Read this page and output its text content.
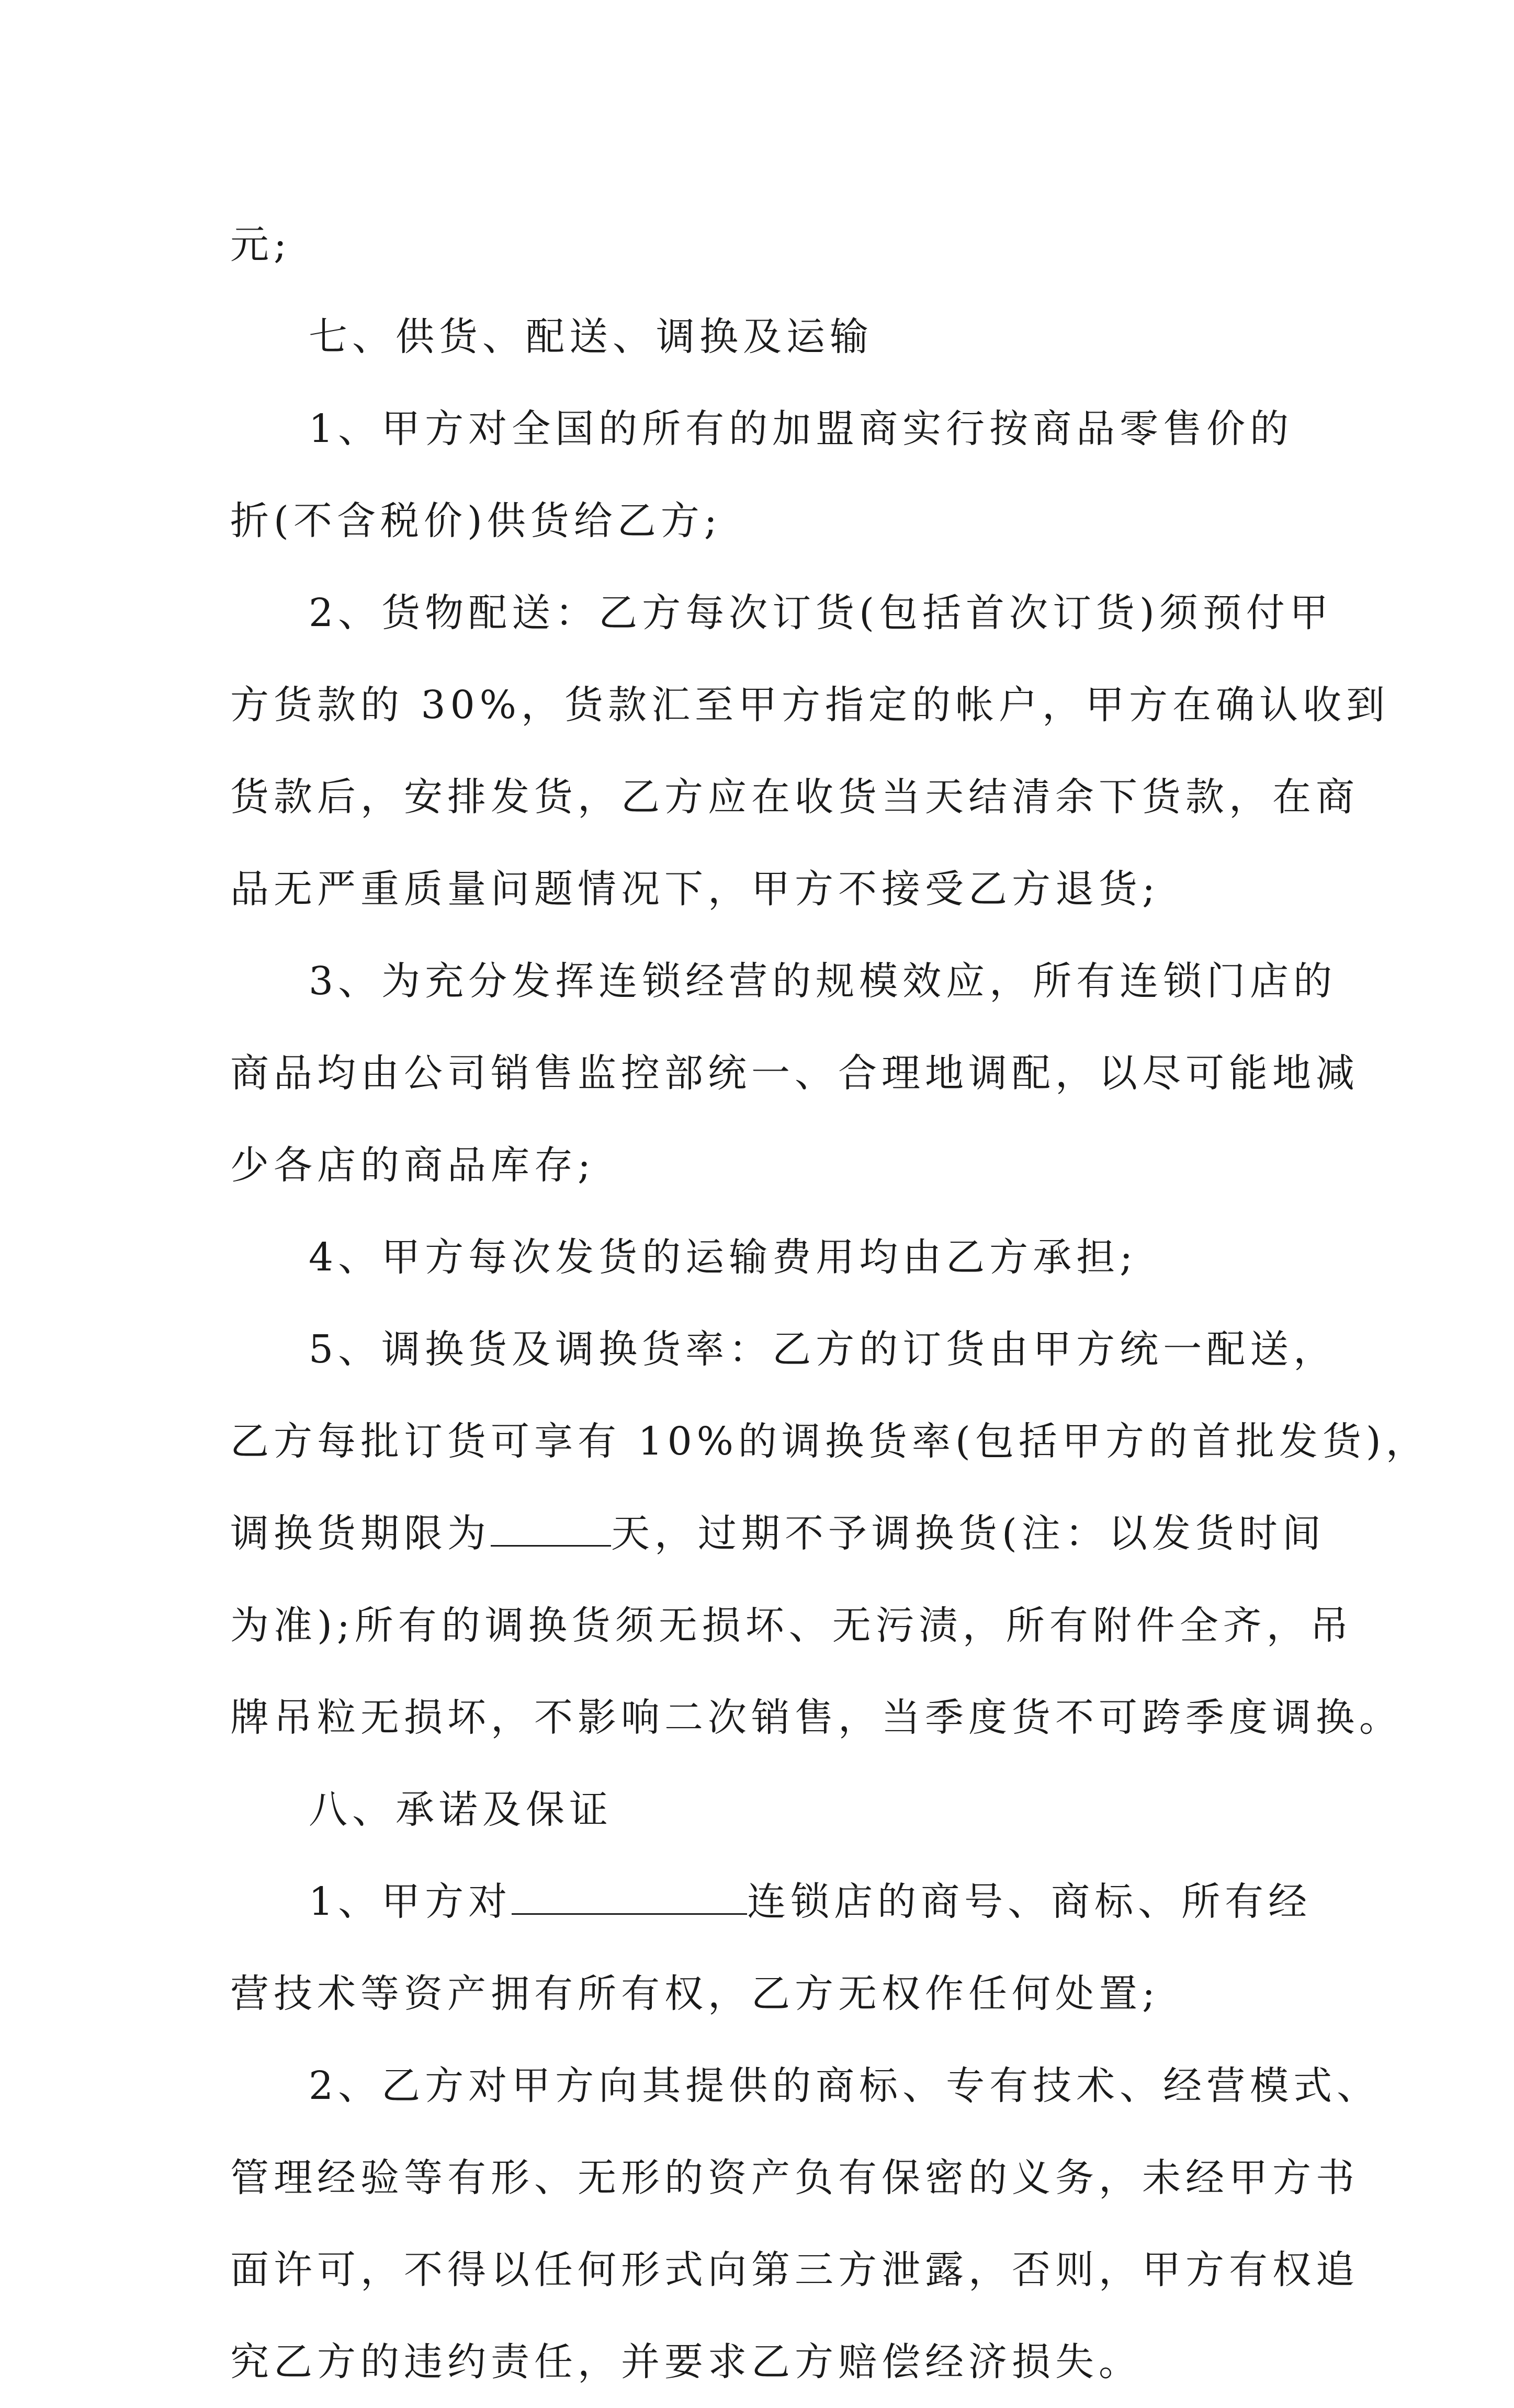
元;
七、供货、配送、调换及运输
1、甲方对全国的所有的加盟商实行按商品零售价的
折(不含税价)供货给乙方;
2、货物配送：乙方每次订货(包括首次订货)须预付甲
方货款的 30%，货款汇至甲方指定的帐户，甲方在确认收到
货款后，安排发货，乙方应在收货当天结清余下货款，在商
品无严重质量问题情况下，甲方不接受乙方退货;
3、为充分发挥连锁经营的规模效应，所有连锁门店的
商品均由公司销售监控部统一、合理地调配，以尽可能地减
少各店的商品库存;
4、甲方每次发货的运输费用均由乙方承担;
5、调换货及调换货率：乙方的订货由甲方统一配送，
乙方每批订货可享有 10%的调换货率(包括甲方的首批发货)，
调换货期限为	天，过期不予调换货(注：以发货时间
为准);所有的调换货须无损坏、无污渍，所有附件全齐，吊
牌吊粒无损坏，不影响二次销售，当季度货不可跨季度调换。
八、承诺及保证
1、甲方对	连锁店的商号、商标、所有经
营技术等资产拥有所有权，乙方无权作任何处置;
2、乙方对甲方向其提供的商标、专有技术、经营模式、
管理经验等有形、无形的资产负有保密的义务，未经甲方书
面许可，不得以任何形式向第三方泄露，否则，甲方有权追
究乙方的违约责任，并要求乙方赔偿经济损失。
